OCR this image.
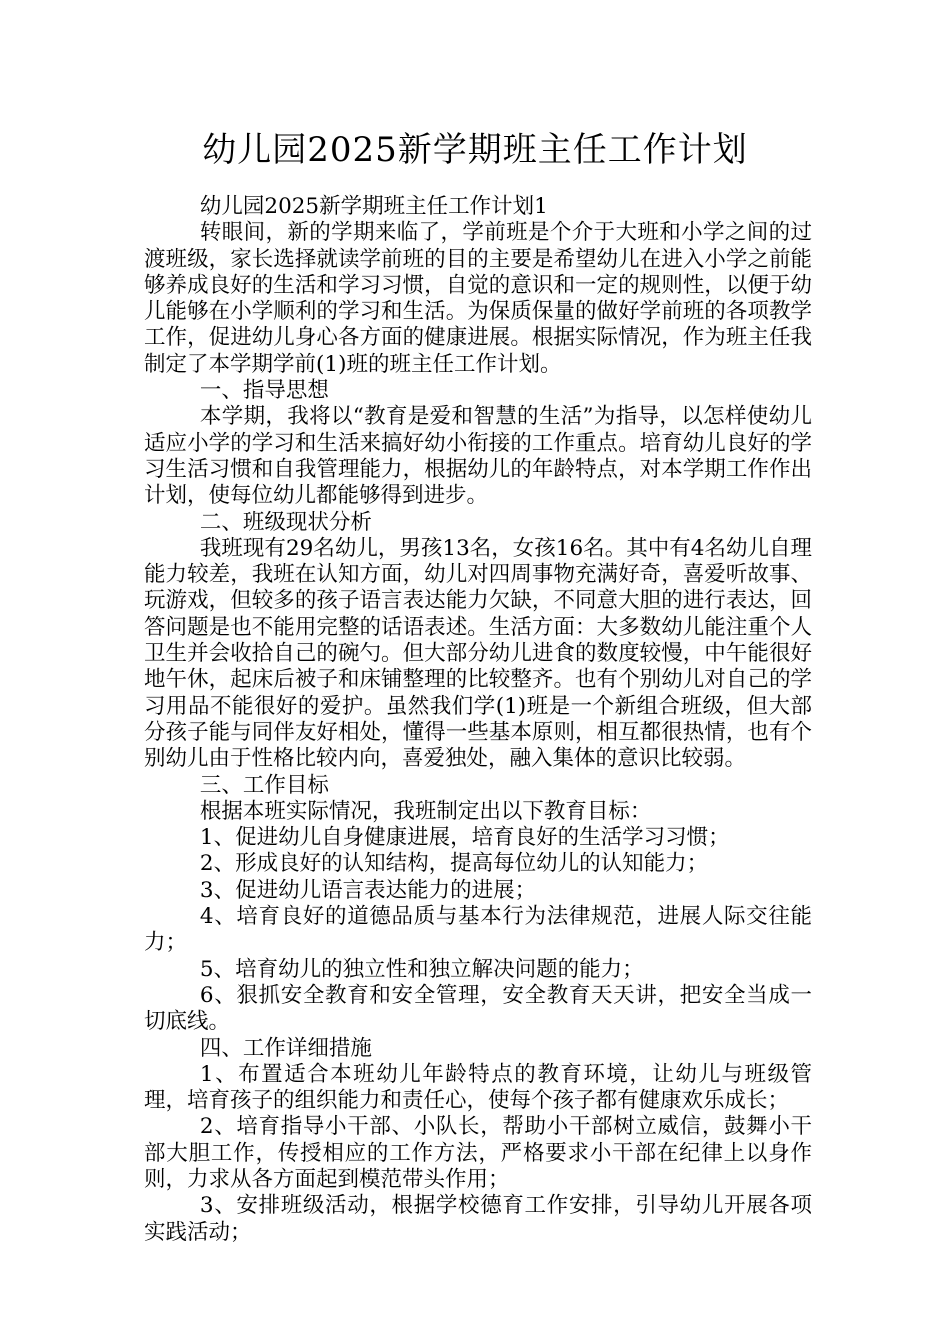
幼儿园2025新学期班主任工作计划

幼儿园2025新学期班主任工作计划1

转眼间，新的学期来临了，学前班是个介于大班和小学之间的过渡班级，家长选择就读学前班的目的主要是希望幼儿在进入小学之前能够养成良好的生活和学习习惯，自觉的意识和一定的规则性，以便于幼儿能够在小学顺利的学习和生活。为保质保量的做好学前班的各项教学工作，促进幼儿身心各方面的健康进展。根据实际情况，作为班主任我制定了本学期学前(1)班的班主任工作计划。

一、指导思想

本学期，我将以“教育是爱和智慧的生活”为指导，以怎样使幼儿适应小学的学习和生活来搞好幼小衔接的工作重点。培育幼儿良好的学习生活习惯和自我管理能力，根据幼儿的年龄特点，对本学期工作作出计划，使每位幼儿都能够得到进步。

二、班级现状分析

我班现有29名幼儿，男孩13名，女孩16名。其中有4名幼儿自理能力较差，我班在认知方面，幼儿对四周事物充满好奇，喜爱听故事、玩游戏，但较多的孩子语言表达能力欠缺，不同意大胆的进行表达，回答问题是也不能用完整的话语表述。生活方面：大多数幼儿能注重个人卫生并会收拾自己的碗勺。但大部分幼儿进食的数度较慢，中午能很好地午休，起床后被子和床铺整理的比较整齐。也有个别幼儿对自己的学习用品不能很好的爱护。虽然我们学(1)班是一个新组合班级，但大部分孩子能与同伴友好相处，懂得一些基本原则，相互都很热情，也有个别幼儿由于性格比较内向，喜爱独处，融入集体的意识比较弱。

三、工作目标

根据本班实际情况，我班制定出以下教育目标：

1、促进幼儿自身健康进展，培育良好的生活学习习惯；

2、形成良好的认知结构，提高每位幼儿的认知能力；

3、促进幼儿语言表达能力的进展；

4、培育良好的道德品质与基本行为法律规范，进展人际交往能力；

5、培育幼儿的独立性和独立解决问题的能力；

6、狠抓安全教育和安全管理，安全教育天天讲，把安全当成一切底线。

四、工作详细措施

1、布置适合本班幼儿年龄特点的教育环境，让幼儿与班级管理，培育孩子的组织能力和责任心，使每个孩子都有健康欢乐成长；

2、培育指导小干部、小队长，帮助小干部树立威信，鼓舞小干部大胆工作，传授相应的工作方法，严格要求小干部在纪律上以身作则，力求从各方面起到模范带头作用；

3、安排班级活动，根据学校德育工作安排，引导幼儿开展各项实践活动；
